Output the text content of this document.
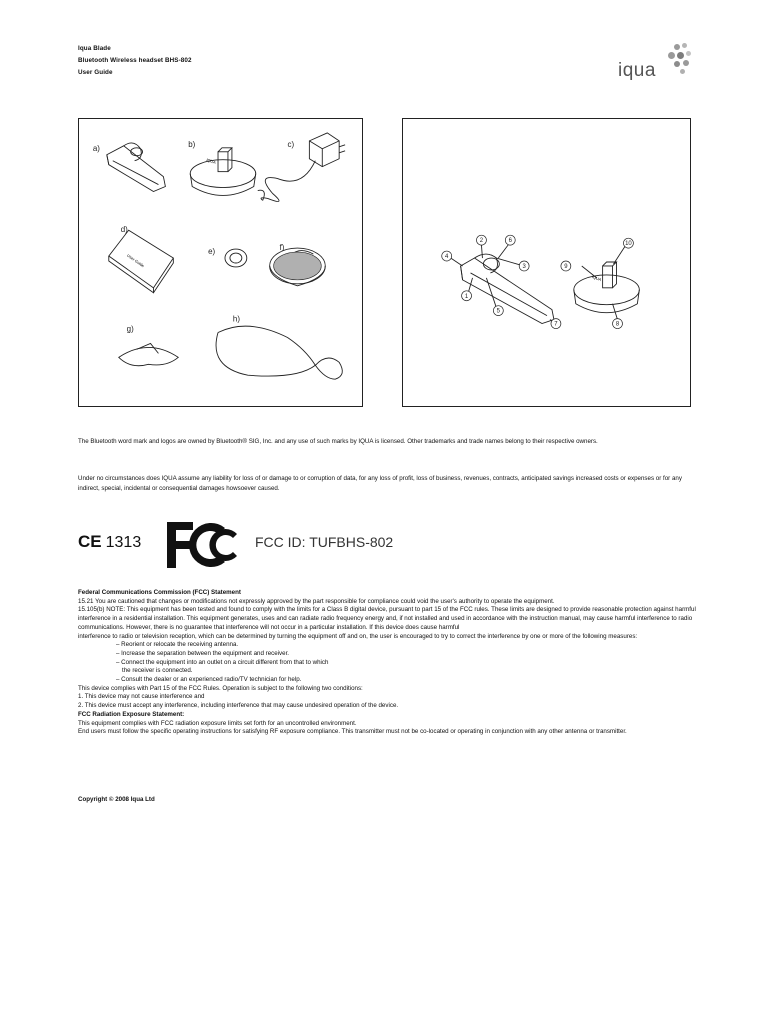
Iqua Blade
Bluetooth Wireless headset BHS-802
User Guide	iqua
a)	b)	c)
d)
e)	f)
g)
h)
User Guide
IQUA
1
2
3
4
5
6
7	8
9
10
IQUA
The Bluetooth word mark and logos are owned by Bluetooth® SIG, Inc. and any use of such marks by IQUA is licensed. Other trademarks and trade names belong to their respective owners.
Under no circumstances does IQUA assume any liability for loss of or damage to or corruption of data, for any loss of profit, loss of business, revenues, contracts, anticipated savings increased costs or expenses or for any indirect, special, incidental or consequential damages howsoever caused.
CE 1313	FCC ID: TUFBHS-802
Federal Communications Commission (FCC) Statement
15.21 You are cautioned that changes or modifications not expressly approved by the part responsible for compliance could void the user's authority to operate the equipment.
15.105(b) NOTE: This equipment has been tested and found to comply with the limits for a Class B digital device, pursuant to part 15 of the FCC rules. These limits are designed to provide reasonable protection against harmful interference in a residential installation. This equipment generates, uses and can radiate radio frequency energy and, if not installed and used in accordance with the instruction manual, may cause harmful interference to radio communications. However, there is no guarantee that interference will not occur in a particular installation. If this device does cause harmful
interference to radio or television reception, which can be determined by turning the equipment off and on, the user is encouraged to try to correct the interference by one or more of the following measures:
– Reorient or relocate the receiving antenna.
– Increase the separation between the equipment and receiver.
– Connect the equipment into an outlet on a circuit different from that to which
the receiver is connected.
– Consult the dealer or an experienced radio/TV technician for help.
This device complies with Part 15 of the FCC Rules. Operation is subject to the following two conditions:
1. This device may not cause interference and
2. This device must accept any interference, including interference that may cause undesired operation of the device.
FCC Radiation Exposure Statement:
This equipment complies with FCC radiation exposure limits set forth for an uncontrolled environment.
End users must follow the specific operating instructions for satisfying RF exposure compliance. This transmitter must not be co-located or operating in conjunction with any other antenna or transmitter.
Copyright © 2008 Iqua Ltd
